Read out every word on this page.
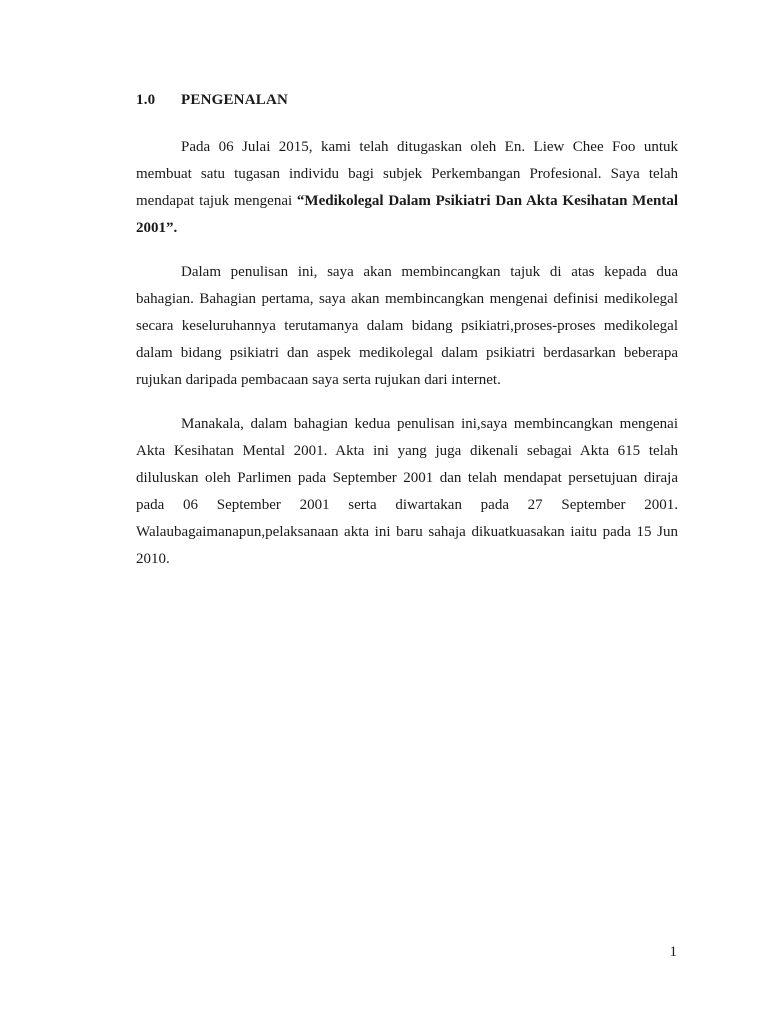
1.0 PENGENALAN

Pada 06 Julai 2015, kami telah ditugaskan oleh En. Liew Chee Foo untuk membuat satu tugasan individu bagi subjek Perkembangan Profesional. Saya telah mendapat tajuk mengenai “Medikolegal Dalam Psikiatri Dan Akta Kesihatan Mental 2001”.

Dalam penulisan ini, saya akan membincangkan tajuk di atas kepada dua bahagian. Bahagian pertama, saya akan membincangkan mengenai definisi medikolegal secara keseluruhannya terutamanya dalam bidang psikiatri,proses-proses medikolegal dalam bidang psikiatri dan aspek medikolegal dalam psikiatri berdasarkan beberapa rujukan daripada pembacaan saya serta rujukan dari internet.

Manakala, dalam bahagian kedua penulisan ini,saya membincangkan mengenai Akta Kesihatan Mental 2001. Akta ini yang juga dikenali sebagai Akta 615 telah diluluskan oleh Parlimen pada September 2001 dan telah mendapat persetujuan diraja pada 06 September 2001 serta diwartakan pada 27 September 2001. Walaubagaimanapun,pelaksanaan akta ini baru sahaja dikuatkuasakan iaitu pada 15 Jun 2010.

1
